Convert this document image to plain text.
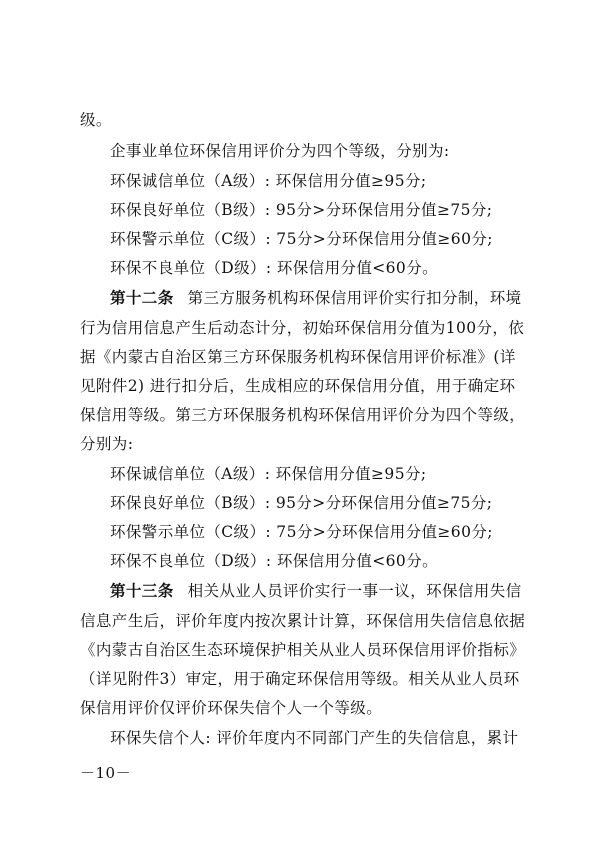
级。
企事业单位环保信用评价分为四个等级，分别为:
环保诚信单位（A级）: 环保信用分值≥95分;
环保良好单位（B级）: 95分>分环保信用分值≥75分;
环保警示单位（C级）: 75分>分环保信用分值≥60分;
环保不良单位（D级）: 环保信用分值<60分。
第十二条 第三方服务机构环保信用评价实行扣分制，环境
行为信用信息产生后动态计分，初始环保信用分值为100分，依
据《内蒙古自治区第三方环保服务机构环保信用评价标准》(详
见附件2) 进行扣分后，生成相应的环保信用分值，用于确定环
保信用等级。第三方环保服务机构环保信用评价分为四个等级，
分别为:
环保诚信单位（A级）: 环保信用分值≥95分;
环保良好单位（B级）: 95分>分环保信用分值≥75分;
环保警示单位（C级）: 75分>分环保信用分值≥60分;
环保不良单位（D级）: 环保信用分值<60分。
第十三条 相关从业人员评价实行一事一议，环保信用失信
信息产生后，评价年度内按次累计计算，环保信用失信信息依据
《内蒙古自治区生态环境保护相关从业人员环保信用评价指标》
（详见附件3）审定，用于确定环保信用等级。相关从业人员环
保信用评价仅评价环保失信个人一个等级。
环保失信个人: 评价年度内不同部门产生的失信信息，累计
－10－
